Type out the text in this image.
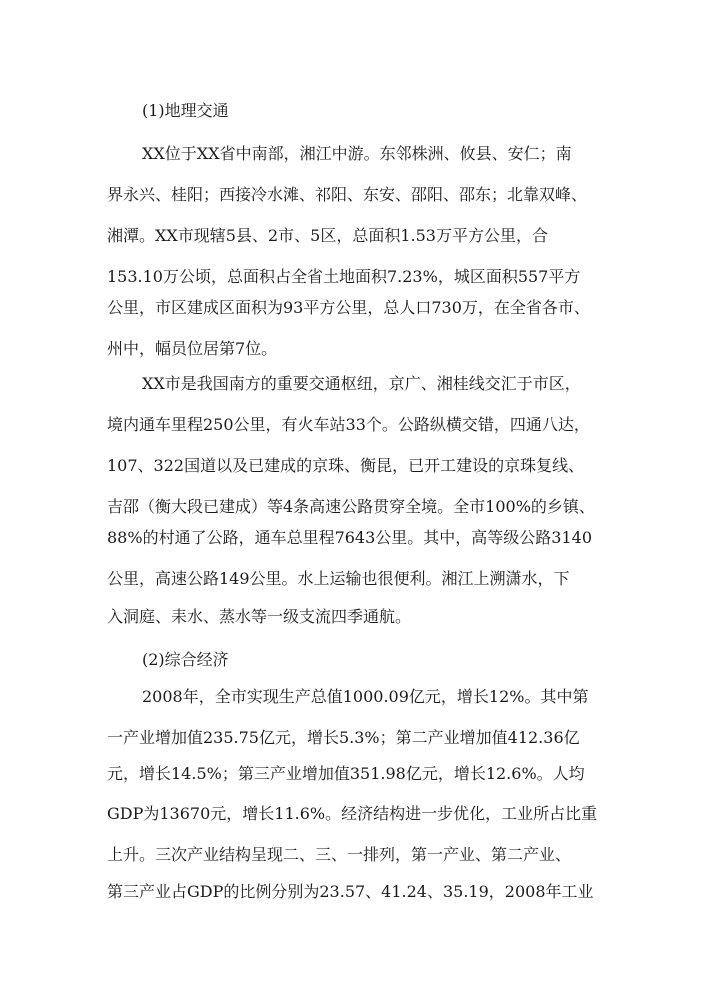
(1)地理交通
XX位于XX省中南部，湘江中游。东邻株洲、攸县、安仁；南
界永兴、桂阳；西接冷水滩、祁阳、东安、邵阳、邵东；北靠双峰、
湘潭。XX市现辖5县、2市、5区，总面积1.53万平方公里，合
153.10万公顷，总面积占全省土地面积7.23%，城区面积557平方
公里，市区建成区面积为93平方公里，总人口730万，在全省各市、
州中，幅员位居第7位。
XX市是我国南方的重要交通枢纽，京广、湘桂线交汇于市区，
境内通车里程250公里，有火车站33个。公路纵横交错，四通八达，
107、322国道以及已建成的京珠、衡昆，已开工建设的京珠复线、
吉邵（衡大段已建成）等4条高速公路贯穿全境。全市100%的乡镇、
88%的村通了公路，通车总里程7643公里。其中，高等级公路3140
公里，高速公路149公里。水上运输也很便利。湘江上溯潇水，下
入洞庭、耒水、蒸水等一级支流四季通航。
(2)综合经济
2008年，全市实现生产总值1000.09亿元，增长12%。其中第
一产业增加值235.75亿元，增长5.3%；第二产业增加值412.36亿
元，增长14.5%；第三产业增加值351.98亿元，增长12.6%。人均
GDP为13670元，增长11.6%。经济结构进一步优化，工业所占比重
上升。三次产业结构呈现二、三、一排列，第一产业、第二产业、
第三产业占GDP的比例分别为23.57、41.24、35.19，2008年工业
